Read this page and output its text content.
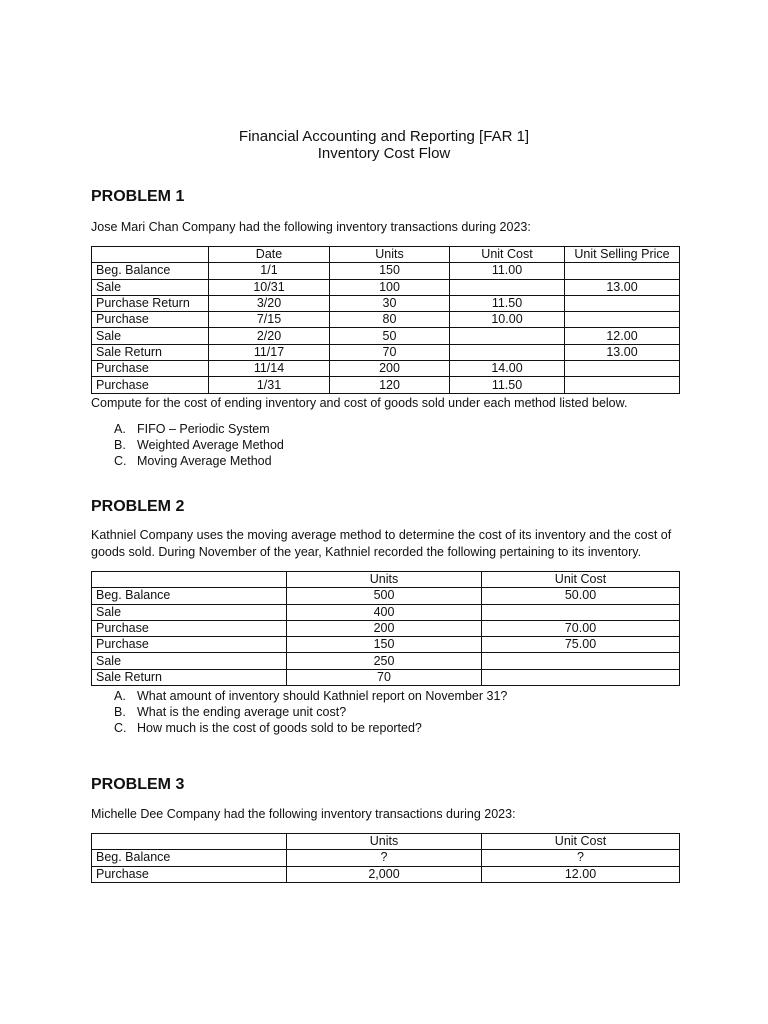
Financial Accounting and Reporting [FAR 1]
Inventory Cost Flow
PROBLEM 1
Jose Mari Chan Company had the following inventory transactions during 2023:
	Date	Units	Unit Cost	Unit Selling Price
Beg. Balance	1/1	150	11.00	
Sale	10/31	100		13.00
Purchase Return	3/20	30	11.50	
Purchase	7/15	80	10.00	
Sale	2/20	50		12.00
Sale Return	11/17	70		13.00
Purchase	11/14	200	14.00	
Purchase	1/31	120	11.50	
Compute for the cost of ending inventory and cost of goods sold under each method listed below.
A. FIFO – Periodic System
B. Weighted Average Method
C. Moving Average Method
PROBLEM 2
Kathniel Company uses the moving average method to determine the cost of its inventory and the cost of goods sold. During November of the year, Kathniel recorded the following pertaining to its inventory.
	Units	Unit Cost
Beg. Balance	500	50.00
Sale	400	
Purchase	200	70.00
Purchase	150	75.00
Sale	250	
Sale Return	70	
A. What amount of inventory should Kathniel report on November 31?
B. What is the ending average unit cost?
C. How much is the cost of goods sold to be reported?
PROBLEM 3
Michelle Dee Company had the following inventory transactions during 2023:
	Units	Unit Cost
Beg. Balance	?	?
Purchase	2,000	12.00
